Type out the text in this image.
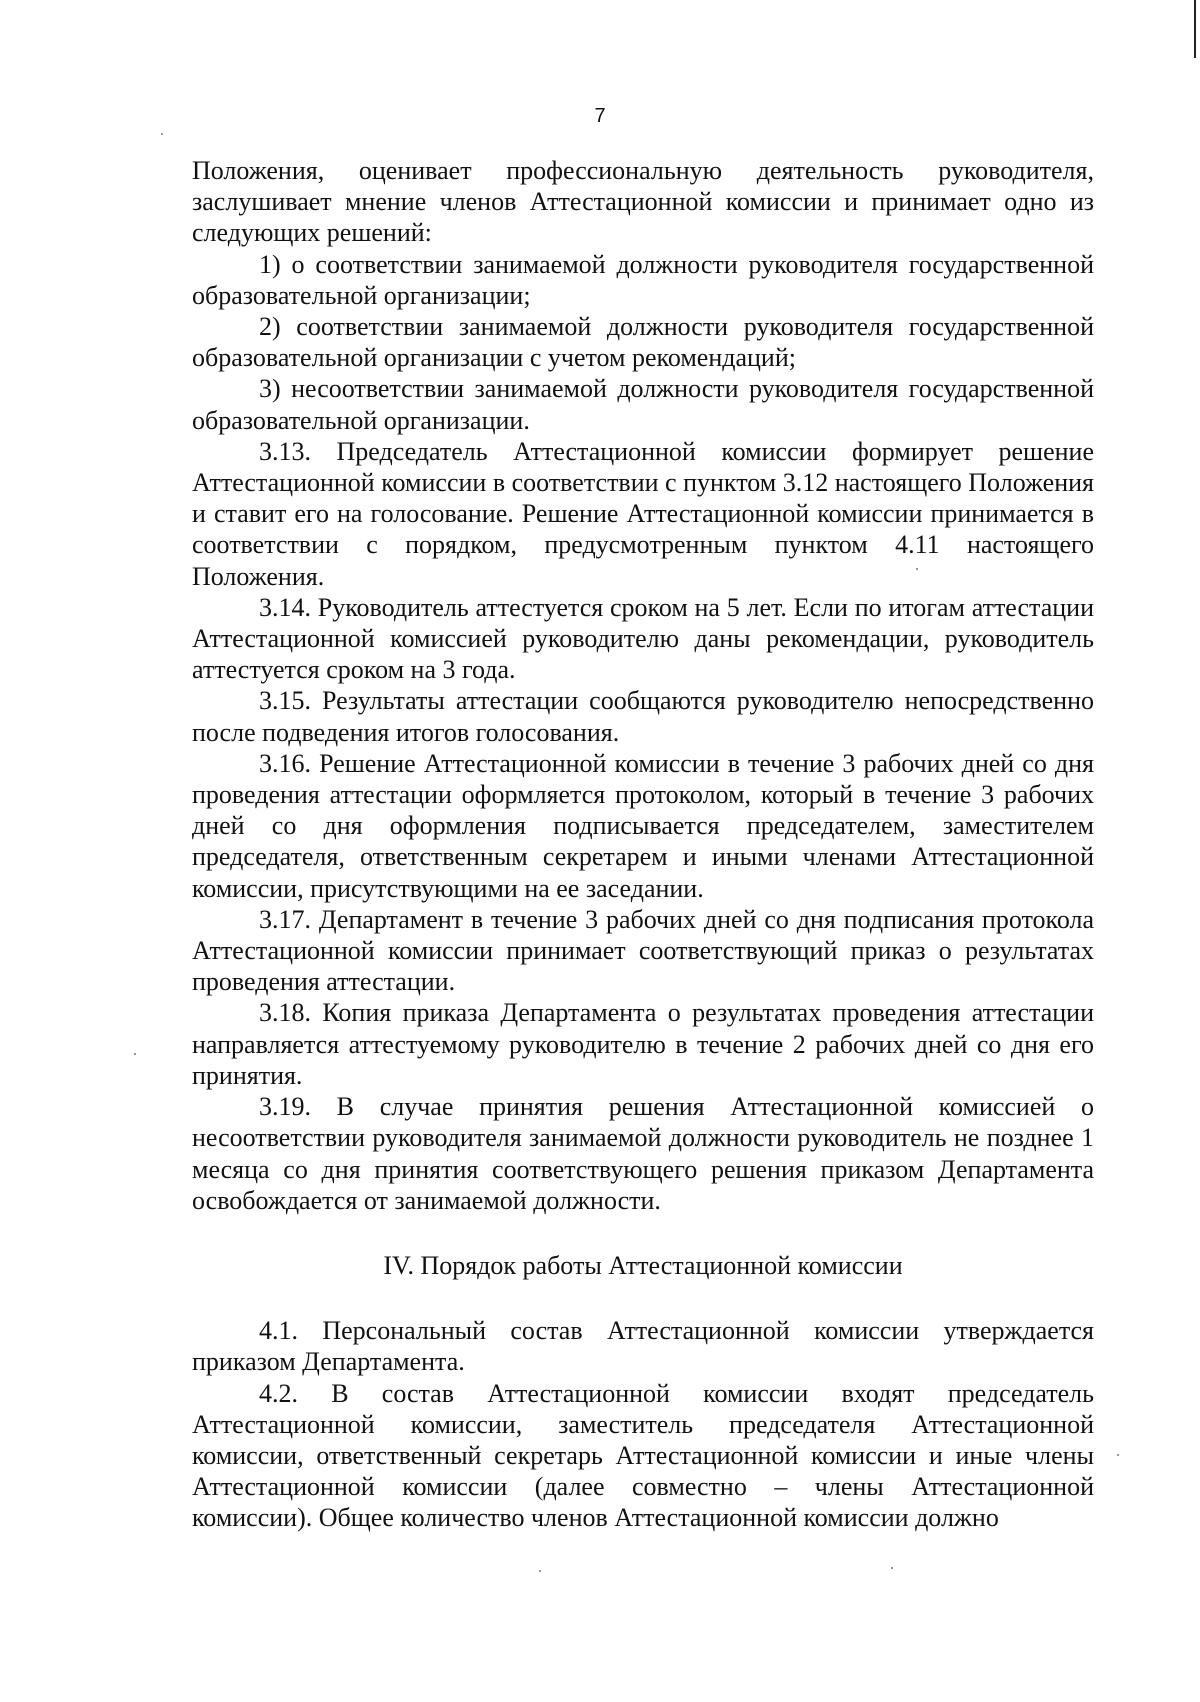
7

Положения, оценивает профессиональную деятельность руководителя, заслушивает мнение членов Аттестационной комиссии и принимает одно из следующих решений:

1) о соответствии занимаемой должности руководителя государственной образовательной организации;

2) соответствии занимаемой должности руководителя государственной образовательной организации с учетом рекомендаций;

3) несоответствии занимаемой должности руководителя государственной образовательной организации.

3.13. Председатель Аттестационной комиссии формирует решение Аттестационной комиссии в соответствии с пунктом 3.12 настоящего Положения и ставит его на голосование. Решение Аттестационной комиссии принимается в соответствии с порядком, предусмотренным пунктом 4.11 настоящего Положения.

3.14. Руководитель аттестуется сроком на 5 лет. Если по итогам аттестации Аттестационной комиссией руководителю даны рекомендации, руководитель аттестуется сроком на 3 года.

3.15. Результаты аттестации сообщаются руководителю непосредственно после подведения итогов голосования.

3.16. Решение Аттестационной комиссии в течение 3 рабочих дней со дня проведения аттестации оформляется протоколом, который в течение 3 рабочих дней со дня оформления подписывается председателем, заместителем председателя, ответственным секретарем и иными членами Аттестационной комиссии, присутствующими на ее заседании.

3.17. Департамент в течение 3 рабочих дней со дня подписания протокола Аттестационной комиссии принимает соответствующий приказ о результатах проведения аттестации.

3.18. Копия приказа Департамента о результатах проведения аттестации направляется аттестуемому руководителю в течение 2 рабочих дней со дня его принятия.

3.19. В случае принятия решения Аттестационной комиссией о несоответствии руководителя занимаемой должности руководитель не позднее 1 месяца со дня принятия соответствующего решения приказом Департамента освобождается от занимаемой должности.

IV. Порядок работы Аттестационной комиссии

4.1. Персональный состав Аттестационной комиссии утверждается приказом Департамента.

4.2. В состав Аттестационной комиссии входят председатель Аттестационной комиссии, заместитель председателя Аттестационной комиссии, ответственный секретарь Аттестационной комиссии и иные члены Аттестационной комиссии (далее совместно – члены Аттестационной комиссии). Общее количество членов Аттестационной комиссии должно
